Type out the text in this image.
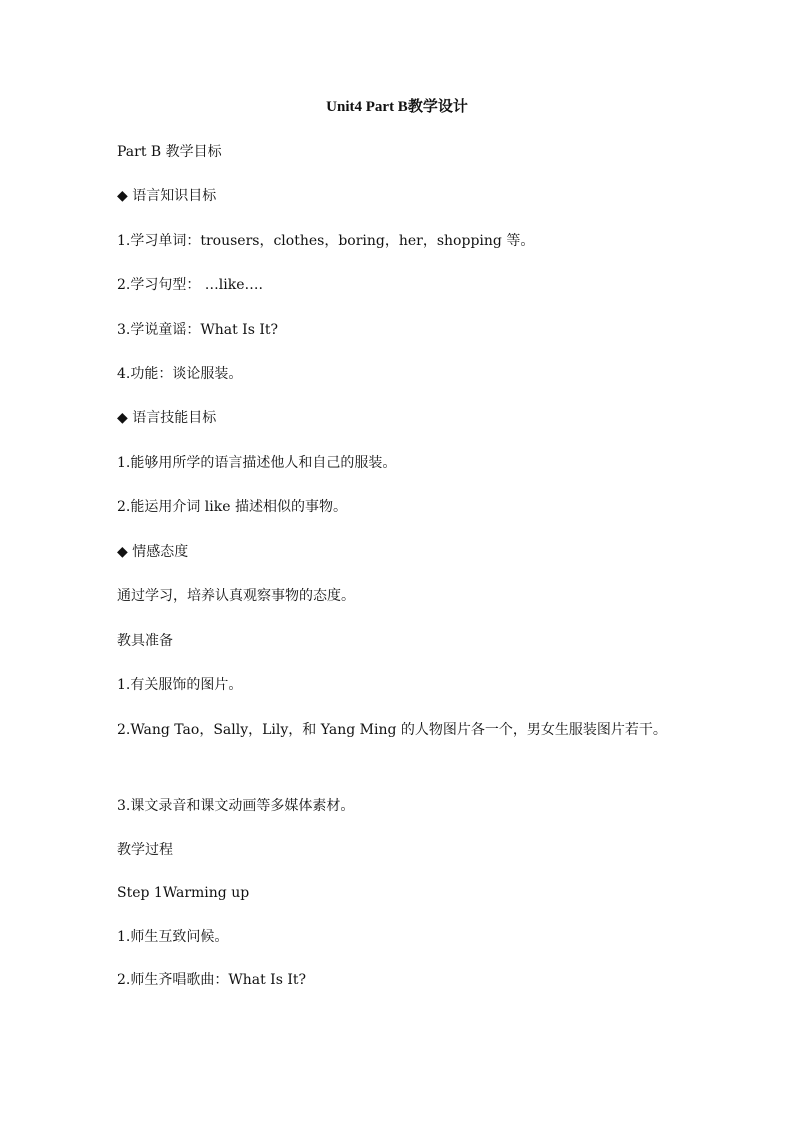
Unit4 Part B教学设计
Part B 教学目标
◆ 语言知识目标
1.学习单词：trousers，clothes，boring，her，shopping 等。
2.学习句型： …like….
3.学说童谣：What Is It?
4.功能：谈论服装。
◆ 语言技能目标
1.能够用所学的语言描述他人和自己的服装。
2.能运用介词 like 描述相似的事物。
◆ 情感态度
通过学习，培养认真观察事物的态度。
教具准备
1.有关服饰的图片。
2.Wang Tao，Sally，Lily，和 Yang Ming 的人物图片各一个，男女生服装图片若干。
3.课文录音和课文动画等多媒体素材。
教学过程
Step 1Warming up
1.师生互致问候。
2.师生齐唱歌曲：What Is It?
